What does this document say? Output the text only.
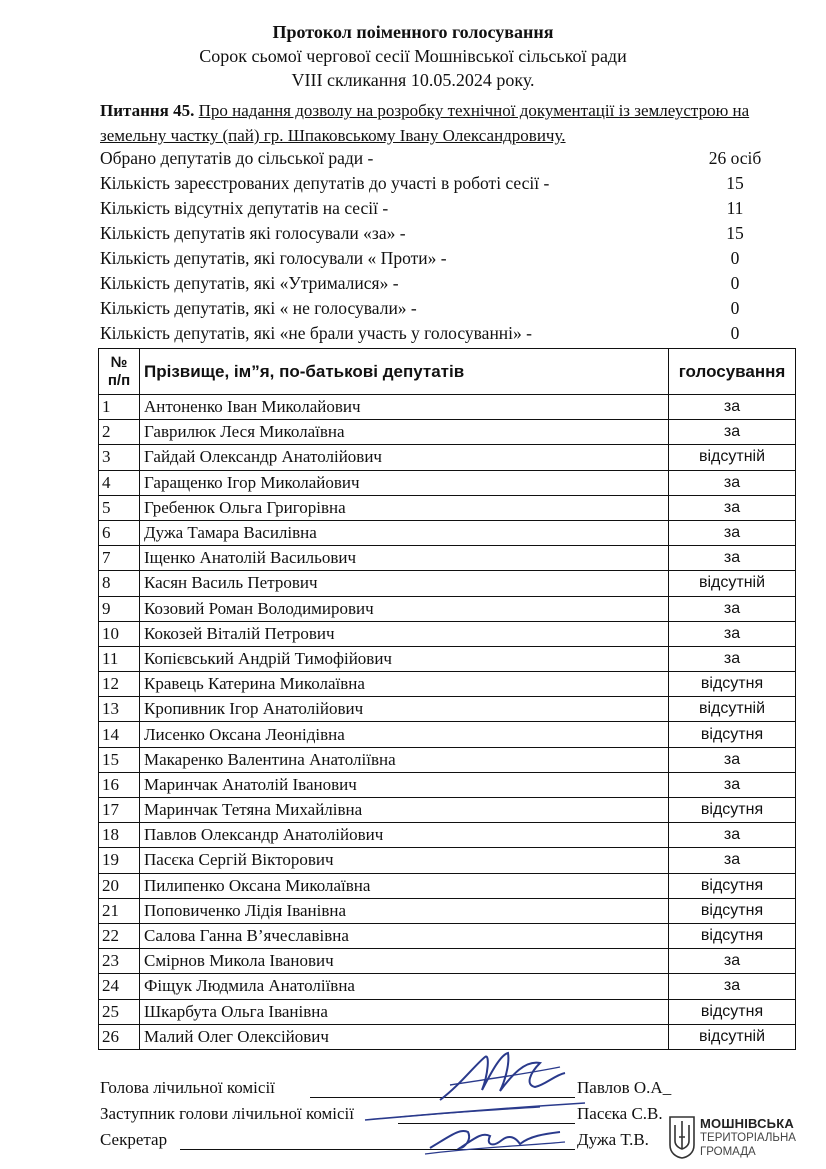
Протокол поіменного голосування
Сорок сьомої чергової сесії Мошнівської сільської ради
VIII скликання 10.05.2024 року.
Питання 45. Про надання дозволу на розробку технічної документації із землеустрою на земельну частку (пай) гр. Шпаковському Івану Олександровичу.
Обрано депутатів до сільської ради -	26 осіб
Кількість зареєстрованих депутатів до участі в роботі сесії -	15
Кількість відсутніх депутатів на сесії -	11
Кількість депутатів які голосували «за» -	15
Кількість депутатів, які голосували « Проти» -	0
Кількість депутатів, які «Утрималися» -	0
Кількість депутатів, які « не голосували» -	0
Кількість депутатів, які «не брали участь у голосуванні» -	0
№ п/п	Прізвище, ім”я, по-батькові депутатів	голосування
1	Антоненко Іван Миколайович	за
2	Гаврилюк Леся Миколаївна	за
3	Гайдай Олександр Анатолійович	відсутній
4	Гаращенко Ігор Миколайович	за
5	Гребенюк Ольга Григорівна	за
6	Дужа Тамара Василівна	за
7	Іщенко Анатолій Васильович	за
8	Касян Василь Петрович	відсутній
9	Козовий Роман Володимирович	за
10	Кокозей Віталій Петрович	за
11	Копієвський Андрій Тимофійович	за
12	Кравець Катерина Миколаївна	відсутня
13	Кропивник Ігор Анатолійович	відсутній
14	Лисенко Оксана Леонідівна	відсутня
15	Макаренко Валентина Анатоліївна	за
16	Маринчак Анатолій Іванович	за
17	Маринчак Тетяна Михайлівна	відсутня
18	Павлов Олександр Анатолійович	за
19	Пасєка Сергій Вікторович	за
20	Пилипенко Оксана Миколаївна	відсутня
21	Поповиченко Лідія Іванівна	відсутня
22	Салова Ганна В’ячеславівна	відсутня
23	Смірнов Микола Іванович	за
24	Фіщук Людмила Анатоліївна	за
25	Шкарбута Ольга Іванівна	відсутня
26	Малий Олег Олексійович	відсутній
Голова лічильної комісії	Павлов О.А_
Заступник голови лічильної комісії	Пасєка С.В.
Секретар	Дужа Т.В.
МОШНІВСЬКА
ТЕРИТОРІАЛЬНА
ГРОМАДА
